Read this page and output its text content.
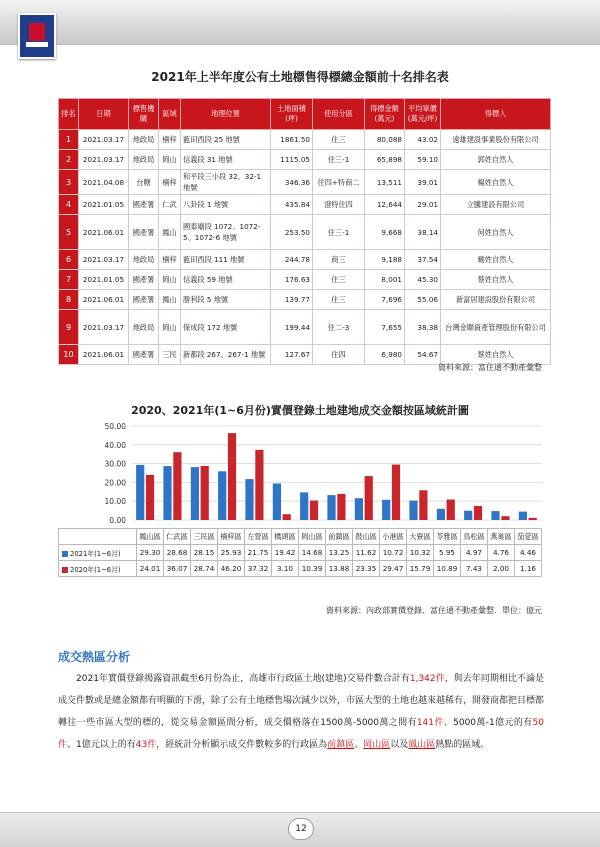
2021年上半年度公有土地標售得標總金額前十名排名表
排名	日期	標售機關	區域	地理位置	土地面積(坪)	使用分區	得標金額(萬元)	平均單價(萬元/坪)	得標人
1	2021.03.17	地政局	楠梓	藍田西段 25 地號	1861.50	住三	80,088	43.02	遠雄建設事業股份有限公司
2	2021.03.17	地政局	岡山	信義段 31 地號	1115.05	住三-1	65,898	59.10	郭姓自然人
3	2021.04.08	台糖	楠梓	和平段三小段 32、32-1 地號	346.36	住四+特商二	13,511	39.01	楊姓自然人
4	2021.01.05	國產署	仁武	八卦段 1 地號	435.84	澄特住四	12,644	29.01	立騰建設有限公司
5	2021.06.01	國產署	鳳山	國泰廟段 1072、1072-5、1072-6 地號	253.50	住三-1	9,668	38.14	何姓自然人
6	2021.03.17	地政局	楠梓	藍田西段 111 地號	244.78	商三	9,188	37.54	戴姓自然人
7	2021.01.05	國產署	岡山	信義段 59 地號	176.63	住三	8,001	45.30	蔡姓自然人
8	2021.06.01	國產署	鳳山	勝利段 5 地號	139.77	住三	7,696	55.06	新富居建設股份有限公司
9	2021.03.17	地政局	岡山	保成段 172 地號	199.44	住二-3	7,655	38.38	台灣金聯資產管理股份有限公司
10	2021.06.01	國產署	三民	新都段 267、267-1 地號	127.67	住四	6,980	54.67	蔡姓自然人
資料來源：富住通不動產彙整
2020、2021年(1~6月份)實價登錄土地建地成交金額按區域統計圖
0.00
10.00
20.00
30.00
40.00
50.00
	鳳山區	仁武區	三民區	楠梓區	左營區	橋頭區	岡山區	前鎮區	鼓山區	小港區	大寮區	苓雅區	鳥松區	燕巢區	茄萣區
2021年(1~6月)	29.30	28.68	28.15	25.93	21.75	19.42	14.68	13.25	11.62	10.72	10.32	5.95	4.97	4.76	4.46
2020年(1~6月)	24.01	36.07	28.74	46.20	37.32	3.10	10.39	13.88	23.35	29.47	15.79	10.89	7.43	2.00	1.16
資料來源：內政部實價登錄、富住通不動產彙整．單位：億元
成交熱區分析
　　2021年實價登錄揭露資訊截至6月份為止，高雄市行政區土地(建地)交易件數合計有1,342件，與去年同期相比不論是成交件數或是總金額都有明顯的下滑，除了公有土地標售場次減少以外，市區大型的土地也越來越稀有，開發商都把目標都轉往一些市區大型的標的，從交易金額區間分析，成交價格落在1500萬-5000萬之間有141件、5000萬-1億元的有50件、1億元以上的有43件，經統計分析顯示成交件數較多的行政區為前鎮區、岡山區以及鳳山區熱點的區域。
12
